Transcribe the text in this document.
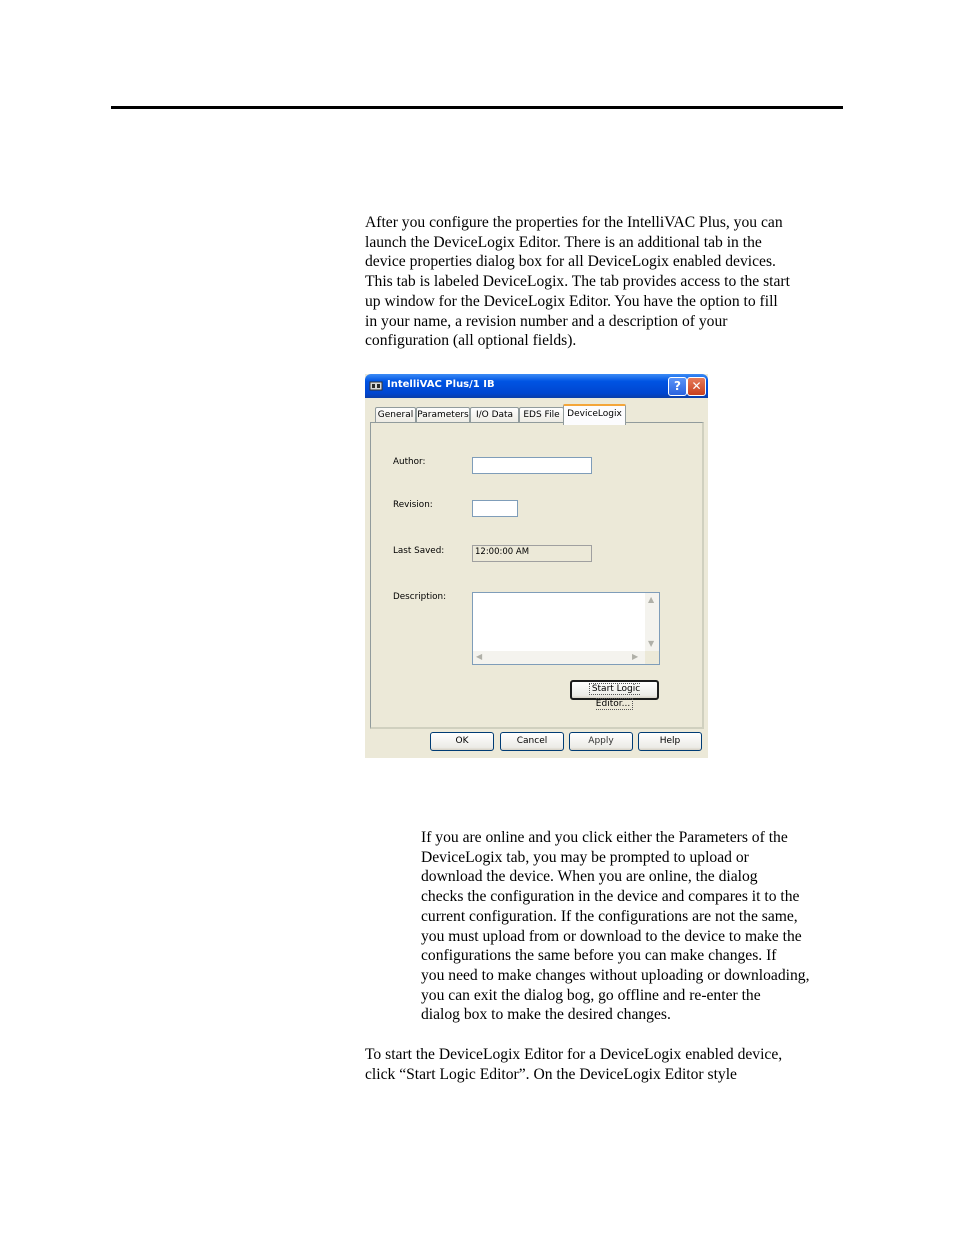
After you configure the properties for the IntelliVAC Plus, you can
launch the DeviceLogix Editor. There is an additional tab in the
device properties dialog box for all DeviceLogix enabled devices.
This tab is labeled DeviceLogix. The tab provides access to the start
up window for the DeviceLogix Editor. You have the option to fill
in your name, a revision number and a description of your
configuration (all optional fields).

IntelliVAC Plus/1 IB	? ✕
General Parameters I/O Data	EDS File DeviceLogix
Author:
Revision:
Last Saved:	12:00:00 AM
Description:	▲
▼
◀	▶
Start Logic Editor...
OK	Cancel	Apply	Help

If you are online and you click either the Parameters of the
DeviceLogix tab, you may be prompted to upload or
download the device. When you are online, the dialog
checks the configuration in the device and compares it to the
current configuration. If the configurations are not the same,
you must upload from or download to the device to make the
configurations the same before you can make changes. If
you need to make changes without uploading or downloading,
you can exit the dialog bog, go offline and re-enter the
dialog box to make the desired changes.

To start the DeviceLogix Editor for a DeviceLogix enabled device,
click “Start Logic Editor”. On the DeviceLogix Editor style
